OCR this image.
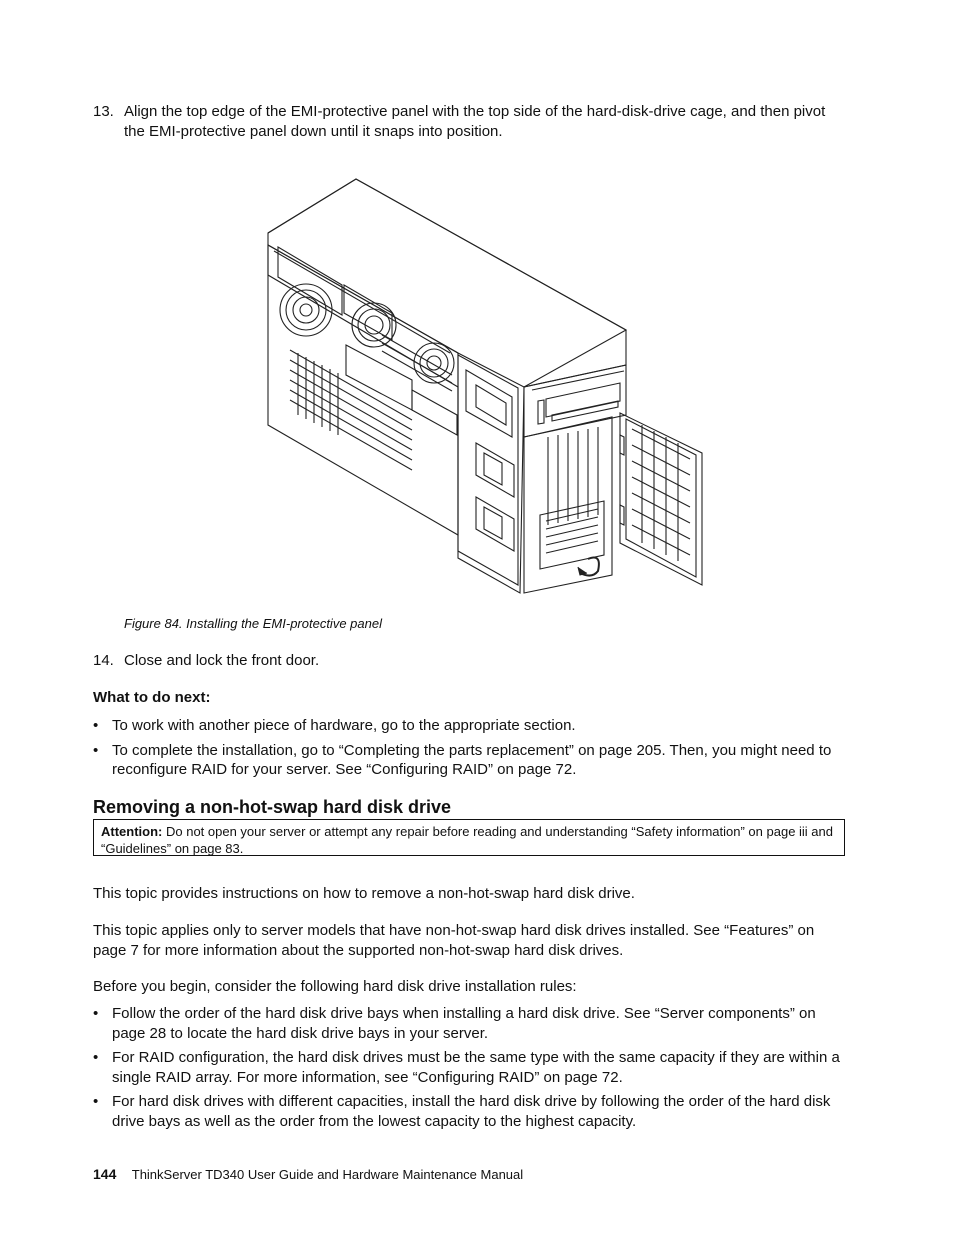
13. Align the top edge of the EMI-protective panel with the top side of the hard-disk-drive cage, and then pivot the EMI-protective panel down until it snaps into position.
Figure 84. Installing the EMI-protective panel
14. Close and lock the front door.
What to do next:
• To work with another piece of hardware, go to the appropriate section.
• To complete the installation, go to “Completing the parts replacement” on page 205. Then, you might need to reconfigure RAID for your server. See “Configuring RAID” on page 72.
Removing a non-hot-swap hard disk drive
Attention: Do not open your server or attempt any repair before reading and understanding “Safety information” on page iii and “Guidelines” on page 83.

This topic provides instructions on how to remove a non-hot-swap hard disk drive.

This topic applies only to server models that have non-hot-swap hard disk drives installed. See “Features” on page 7 for more information about the supported non-hot-swap hard disk drives.

Before you begin, consider the following hard disk drive installation rules:

• Follow the order of the hard disk drive bays when installing a hard disk drive. See “Server components” on page 28 to locate the hard disk drive bays in your server.
• For RAID configuration, the hard disk drives must be the same type with the same capacity if they are within a single RAID array. For more information, see “Configuring RAID” on page 72.
• For hard disk drives with different capacities, install the hard disk drive by following the order of the hard disk drive bays as well as the order from the lowest capacity to the highest capacity.
144 ThinkServer TD340 User Guide and Hardware Maintenance Manual
